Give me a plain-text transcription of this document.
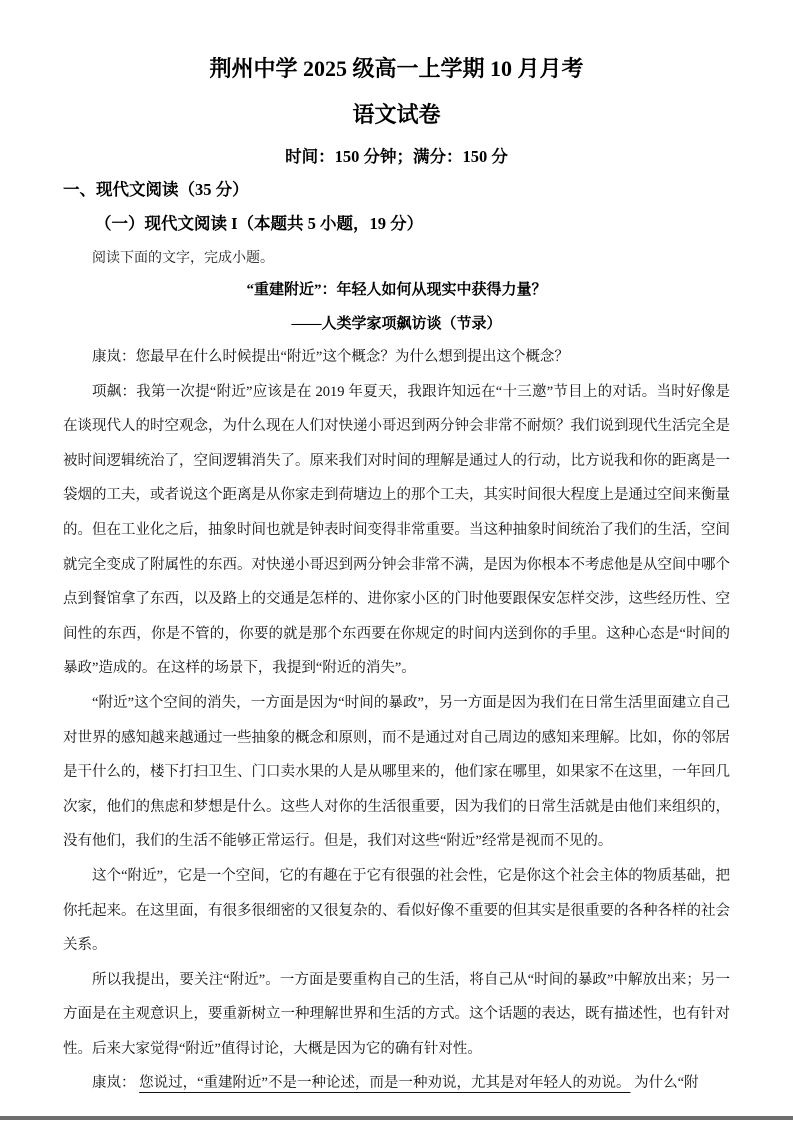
荆州中学 2025 级高一上学期 10 月月考
语文试卷
时间：150 分钟；满分：150 分
一、现代文阅读（35 分）
（一）现代文阅读 I（本题共 5 小题，19 分）
阅读下面的文字，完成小题。
“重建附近”：年轻人如何从现实中获得力量？
——人类学家项飙访谈（节录）

康岚：您最早在什么时候提出“附近”这个概念？为什么想到提出这个概念？

项飙：我第一次提“附近”应该是在 2019 年夏天，我跟许知远在“十三邀”节目上的对话。当时好像是在谈现代人的时空观念，为什么现在人们对快递小哥迟到两分钟会非常不耐烦？我们说到现代生活完全是被时间逻辑统治了，空间逻辑消失了。原来我们对时间的理解是通过人的行动，比方说我和你的距离是一袋烟的工夫，或者说这个距离是从你家走到荷塘边上的那个工夫，其实时间很大程度上是通过空间来衡量的。但在工业化之后，抽象时间也就是钟表时间变得非常重要。当这种抽象时间统治了我们的生活，空间就完全变成了附属性的东西。对快递小哥迟到两分钟会非常不满，是因为你根本不考虑他是从空间中哪个点到餐馆拿了东西，以及路上的交通是怎样的、进你家小区的门时他要跟保安怎样交涉，这些经历性、空间性的东西，你是不管的，你要的就是那个东西要在你规定的时间内送到你的手里。这种心态是“时间的暴政”造成的。在这样的场景下，我提到“附近的消失”。

“附近”这个空间的消失，一方面是因为“时间的暴政”，另一方面是因为我们在日常生活里面建立自己对世界的感知越来越通过一些抽象的概念和原则，而不是通过对自己周边的感知来理解。比如，你的邻居是干什么的，楼下打扫卫生、门口卖水果的人是从哪里来的，他们家在哪里，如果家不在这里，一年回几次家，他们的焦虑和梦想是什么。这些人对你的生活很重要，因为我们的日常生活就是由他们来组织的，没有他们，我们的生活不能够正常运行。但是，我们对这些“附近”经常是视而不见的。

这个“附近”，它是一个空间，它的有趣在于它有很强的社会性，它是你这个社会主体的物质基础，把你托起来。在这里面，有很多很细密的又很复杂的、看似好像不重要的但其实是很重要的各种各样的社会关系。

所以我提出，要关注“附近”。一方面是要重构自己的生活，将自己从“时间的暴政”中解放出来；另一方面是在主观意识上，要重新树立一种理解世界和生活的方式。这个话题的表达，既有描述性，也有针对性。后来大家觉得“附近”值得讨论，大概是因为它的确有针对性。

康岚： 您说过，“重建附近”不是一种论述，而是一种劝说，尤其是对年轻人的劝说。 为什么“附
